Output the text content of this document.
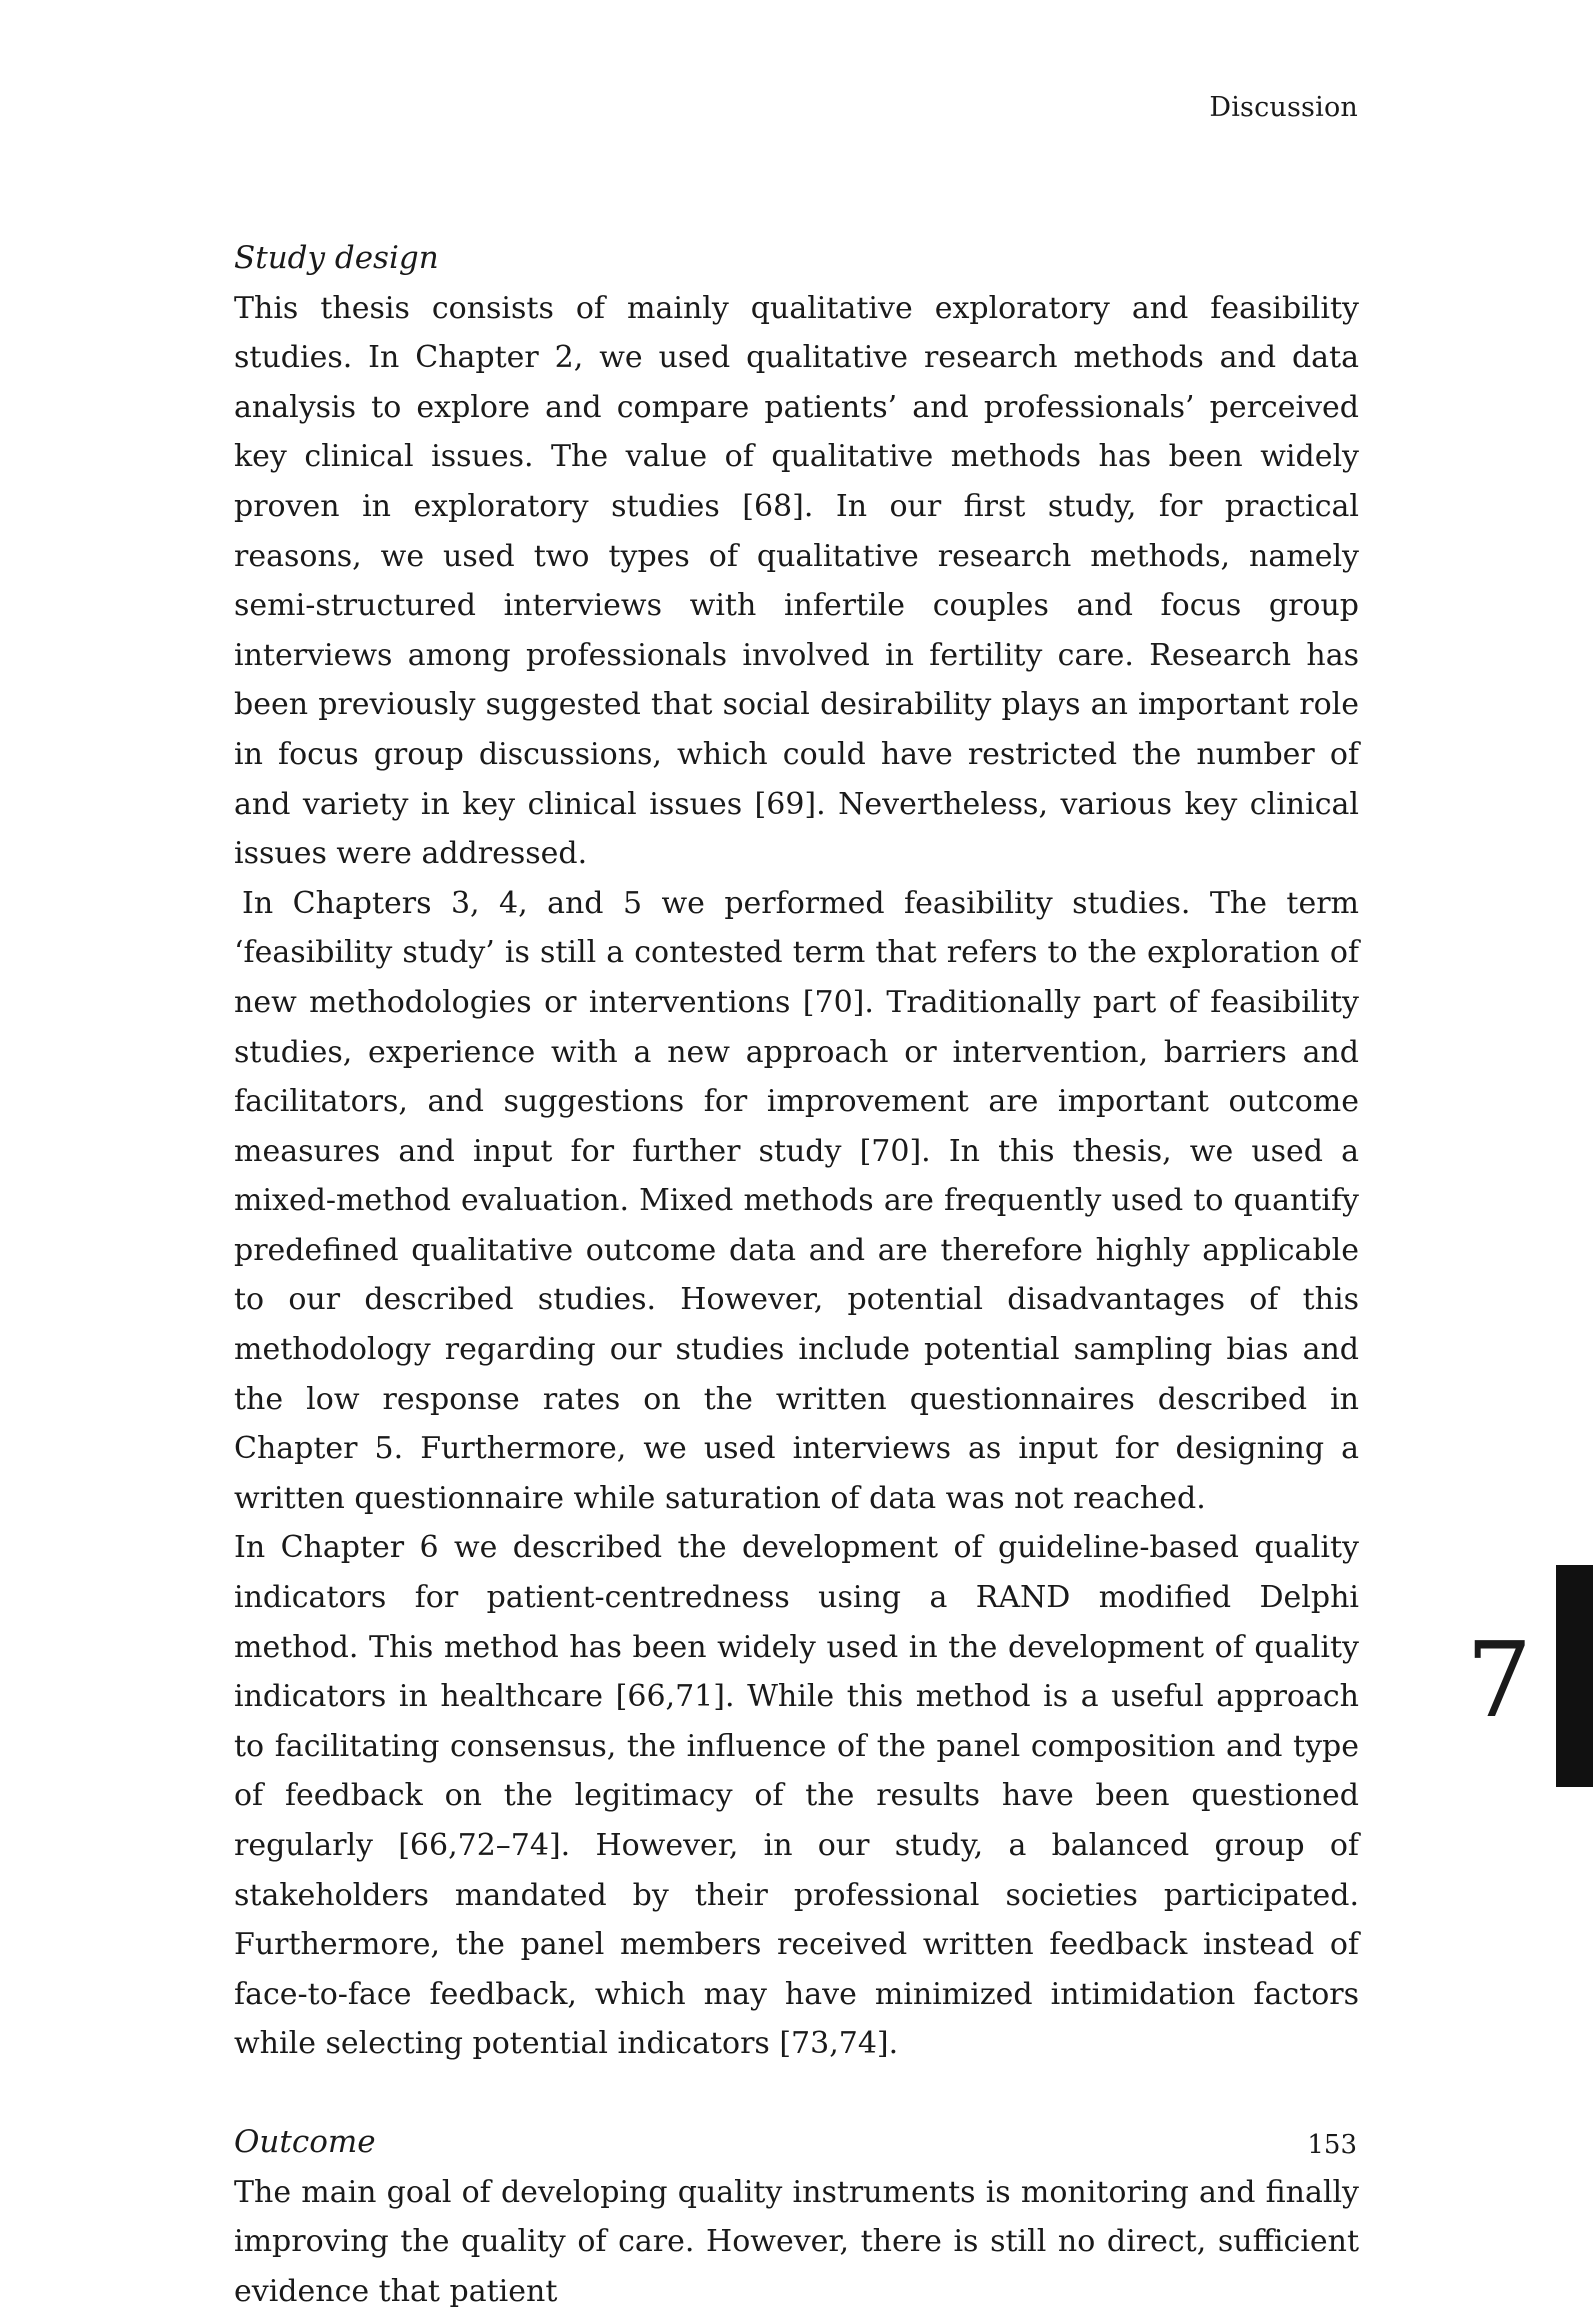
Discussion

Study design

This thesis consists of mainly qualitative exploratory and feasibility studies. In Chapter 2, we used qualitative research methods and data analysis to explore and compare patients’ and professionals’ perceived key clinical issues. The value of qualitative methods has been widely proven in exploratory studies [68]. In our first study, for practical reasons, we used two types of qualitative research methods, namely semi-structured interviews with infertile couples and focus group interviews among professionals involved in fertility care. Research has been previously suggested that social desirability plays an important role in focus group discussions, which could have restricted the number of and variety in key clinical issues [69]. Nevertheless, various key clinical issues were addressed.

In Chapters 3, 4, and 5 we performed feasibility studies. The term ‘feasibility study’ is still a contested term that refers to the exploration of new methodologies or interventions [70]. Traditionally part of feasibility studies, experience with a new approach or intervention, barriers and facilitators, and suggestions for improvement are important outcome measures and input for further study [70]. In this thesis, we used a mixed-method evaluation. Mixed methods are frequently used to quantify predefined qualitative outcome data and are therefore highly applicable to our described studies. However, potential disadvantages of this methodology regarding our studies include potential sampling bias and the low response rates on the written questionnaires described in Chapter 5. Furthermore, we used interviews as input for designing a written questionnaire while saturation of data was not reached.

In Chapter 6 we described the development of guideline-based quality indicators for patient-centredness using a RAND modified Delphi method. This method has been widely used in the development of quality indicators in healthcare [66,71]. While this method is a useful approach to facilitating consensus, the influence of the panel composition and type of feedback on the legitimacy of the results have been questioned regularly [66,72–74]. However, in our study, a balanced group of stakeholders mandated by their professional societies participated. Furthermore, the panel members received written feedback instead of face-to-face feedback, which may have minimized intimidation factors while selecting potential indicators [73,74].

Outcome

The main goal of developing quality instruments is monitoring and finally improving the quality of care. However, there is still no direct, sufficient evidence that patient

7
153
